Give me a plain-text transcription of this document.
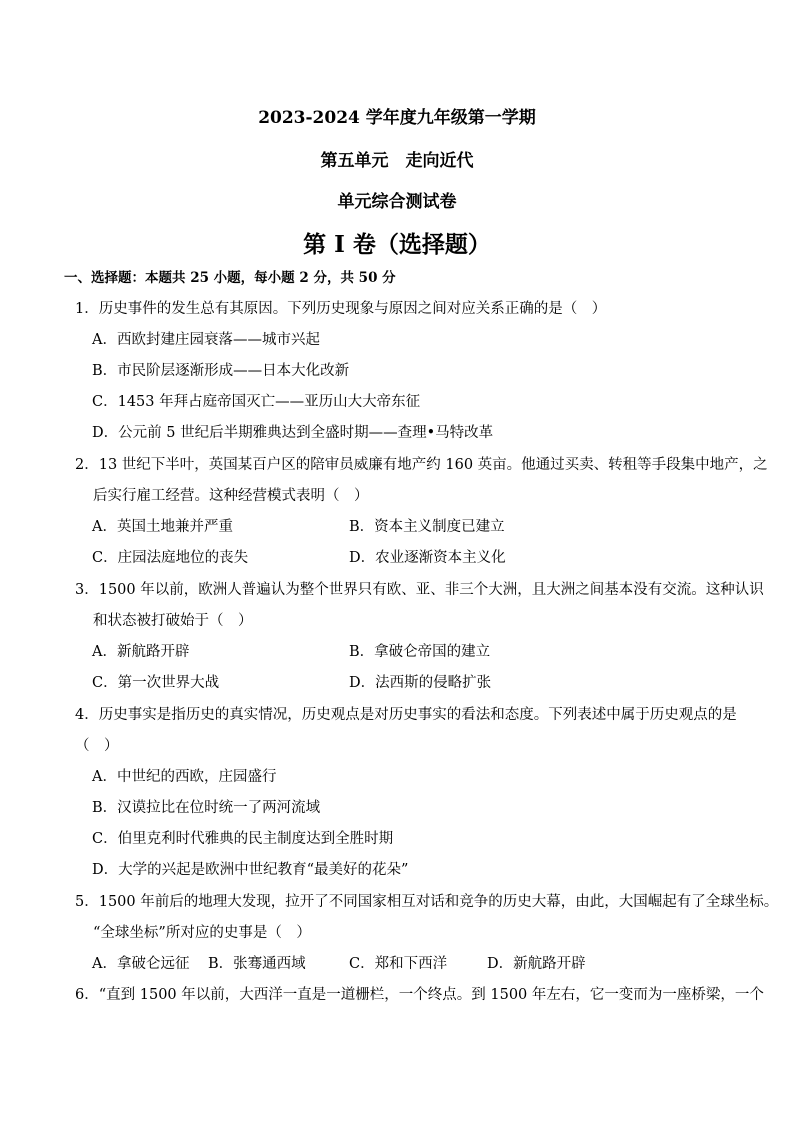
2023-2024 学年度九年级第一学期
第五单元　走向近代
单元综合测试卷
第 I 卷（选择题）
一、选择题：本题共 25 小题，每小题 2 分，共 50 分
1．历史事件的发生总有其原因。下列历史现象与原因之间对应关系正确的是（　）
A．西欧封建庄园衰落——城市兴起
B．市民阶层逐渐形成——日本大化改新
C．1453 年拜占庭帝国灭亡——亚历山大大帝东征
D．公元前 5 世纪后半期雅典达到全盛时期——查理•马特改革
2．13 世纪下半叶，英国某百户区的陪审员威廉有地产约 160 英亩。他通过买卖、转租等手段集中地产，之
后实行雇工经营。这种经营模式表明（　）
A．英国土地兼并严重	B．资本主义制度已建立
C．庄园法庭地位的丧失	D．农业逐渐资本主义化
3．1500 年以前，欧洲人普遍认为整个世界只有欧、亚、非三个大洲，且大洲之间基本没有交流。这种认识
和状态被打破始于（　）
A．新航路开辟	B．拿破仑帝国的建立
C．第一次世界大战	D．法西斯的侵略扩张
4．历史事实是指历史的真实情况，历史观点是对历史事实的看法和态度。下列表述中属于历史观点的是
（　）
A．中世纪的西欧，庄园盛行
B．汉谟拉比在位时统一了两河流域
C．伯里克利时代雅典的民主制度达到全胜时期
D．大学的兴起是欧洲中世纪教育“最美好的花朵”
5．1500 年前后的地理大发现，拉开了不同国家相互对话和竞争的历史大幕，由此，大国崛起有了全球坐标。
“全球坐标”所对应的史事是（　）
A．拿破仑远征 B．张骞通西域	C．郑和下西洋	D．新航路开辟
6．“直到 1500 年以前，大西洋一直是一道栅栏，一个终点。到 1500 年左右，它一变而为一座桥梁，一个
